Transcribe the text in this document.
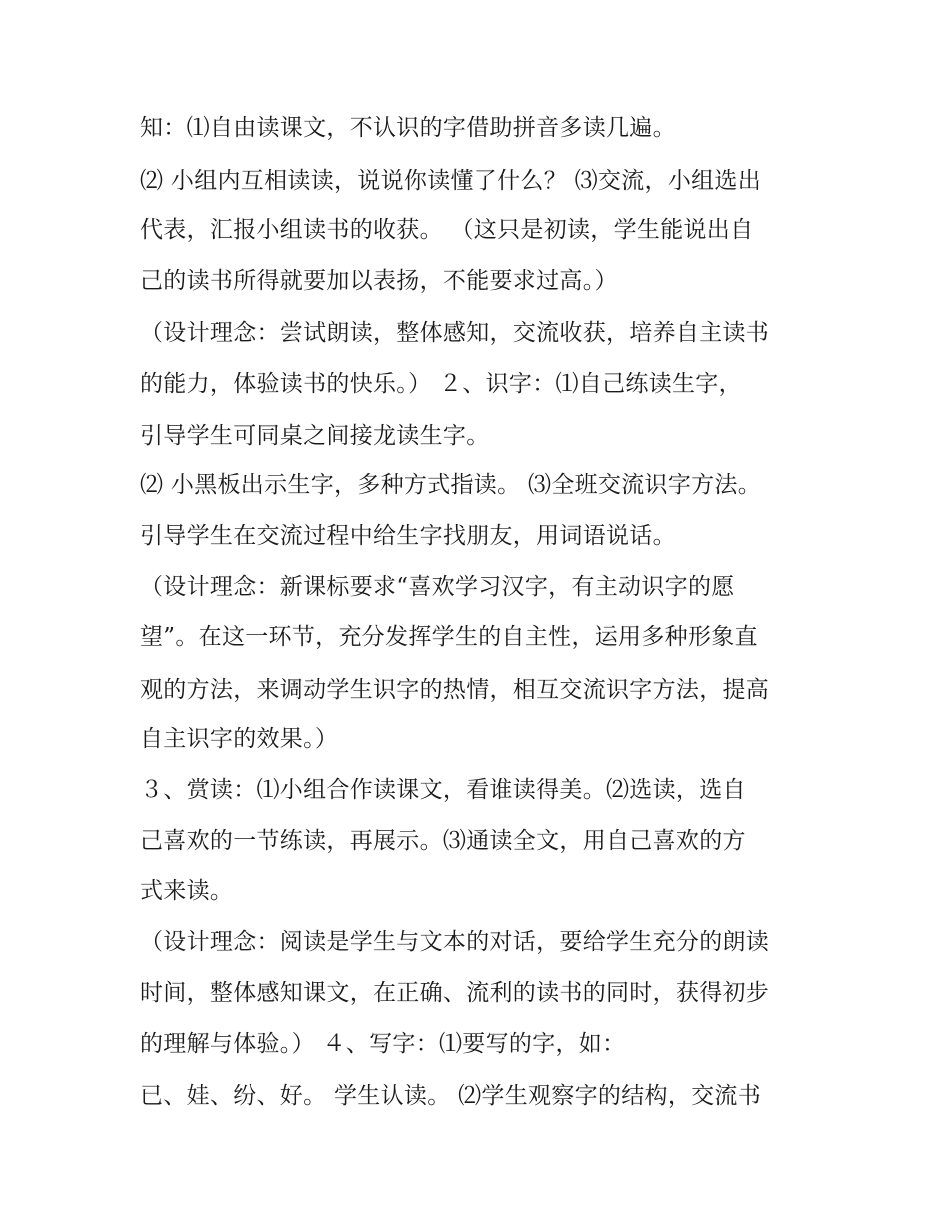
知：⑴自由读课文，不认识的字借助拼音多读几遍。
⑵ 小组内互相读读，说说你读懂了什么？ ⑶交流，小组选出
代表，汇报小组读书的收获。 （这只是初读，学生能说出自
己的读书所得就要加以表扬，不能要求过高。）
（设计理念：尝试朗读，整体感知，交流收获，培养自主读书
的能力，体验读书的快乐。） ２、识字：⑴自己练读生字，
引导学生可同桌之间接龙读生字。
⑵ 小黑板出示生字，多种方式指读。 ⑶全班交流识字方法。
引导学生在交流过程中给生字找朋友，用词语说话。
（设计理念：新课标要求“喜欢学习汉字，有主动识字的愿
望”。在这一环节，充分发挥学生的自主性，运用多种形象直
观的方法，来调动学生识字的热情，相互交流识字方法，提高
自主识字的效果。）
３、赏读：⑴小组合作读课文，看谁读得美。⑵选读，选自
己喜欢的一节练读，再展示。⑶通读全文，用自己喜欢的方
式来读。
（设计理念：阅读是学生与文本的对话，要给学生充分的朗读
时间，整体感知课文，在正确、流利的读书的同时，获得初步
的理解与体验。） ４、写字：⑴要写的字，如：
已、娃、纷、好。 学生认读。 ⑵学生观察字的结构，交流书
